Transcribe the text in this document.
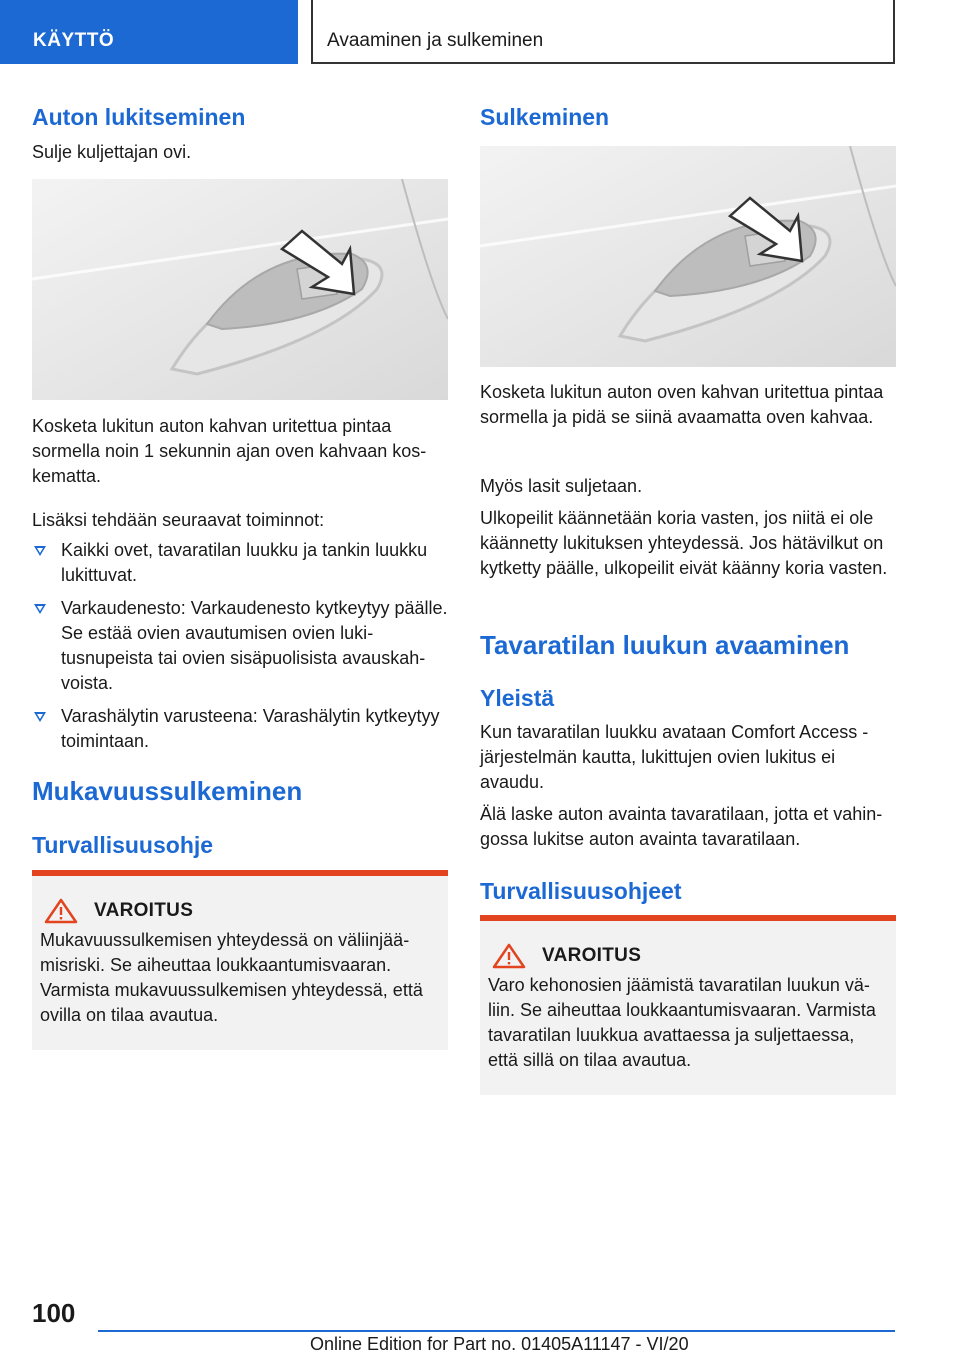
KÄYTTÖ	Avaaminen ja sulkeminen
Auton lukitseminen

Sulje kuljettajan ovi.

Kosketa lukitun auton kahvan uritettua pintaa sormella noin 1 sekunnin ajan oven kahvaan koskematta.

Lisäksi tehdään seuraavat toiminnot:

Kaikki ovet, tavaratilan luukku ja tankin luukku lukittuvat.
Varkaudenesto: Varkaudenesto kytkeytyy päälle. Se estää ovien avautumisen ovien lukitusnupeista tai ovien sisäpuolisista avauskahvoista.
Varashälytin varusteena: Varashälytin kytkeytyy toimintaan.
Mukavuussulkeminen
Turvallisuusohje
VAROITUS
Mukavuussulkemisen yhteydessä on väliinjäämisriski. Se aiheuttaa loukkaantumisvaaran. Varmista mukavuussulkemisen yhteydessä, että ovilla on tilaa avautua.
Sulkeminen

Kosketa lukitun auton oven kahvan uritettua pintaa sormella ja pidä se siinä avaamatta oven kahvaa.

Myös lasit suljetaan.

Ulkopeilit käännetään koria vasten, jos niitä ei ole käännetty lukituksen yhteydessä. Jos hätävilkut on kytketty päälle, ulkopeilit eivät käänny koria vasten.

Tavaratilan luukun avaaminen
Yleistä

Kun tavaratilan luukku avataan Comfort Access -järjestelmän kautta, lukittujen ovien lukitus ei avaudu.

Älä laske auton avainta tavaratilaan, jotta et vahingossa lukitse auton avainta tavaratilaan.

Turvallisuusohjeet
VAROITUS
Varo kehonosien jäämistä tavaratilan luukun väliin. Se aiheuttaa loukkaantumisvaaran. Varmista tavaratilan luukkua avattaessa ja suljettaessa, että sillä on tilaa avautua.
100
Online Edition for Part no. 01405A11147 - VI/20
